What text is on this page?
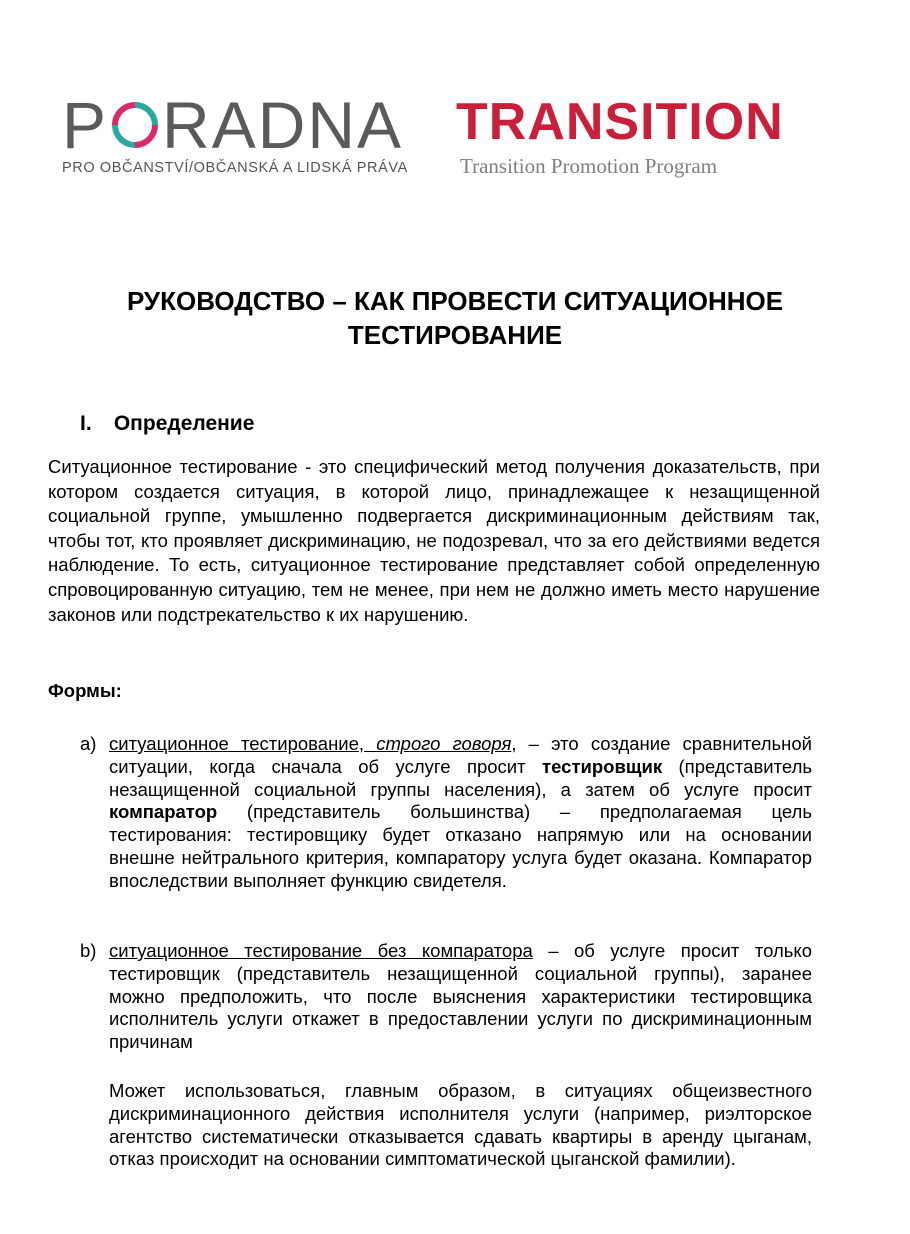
P RADNA
PRO OBČANSTVÍ/OBČANSKÁ A LIDSKÁ PRÁVA
TRANSITION
Transition Promotion Program
РУКОВОДСТВО – КАК ПРОВЕСТИ СИТУАЦИОННОЕ
ТЕСТИРОВАНИЕ
I. Определение
Ситуационное тестирование - это специфический метод получения доказательств, при котором создается ситуация, в которой лицо, принадлежащее к незащищенной социальной группе, умышленно подвергается дискриминационным действиям так, чтобы тот, кто проявляет дискриминацию, не подозревал, что за его действиями ведется наблюдение. То есть, ситуационное тестирование представляет собой определенную спровоцированную ситуацию, тем не менее, при нем не должно иметь место нарушение законов или подстрекательство к их нарушению.
Формы:
a) ситуационное тестирование, строго говоря, – это создание сравнительной ситуации, когда сначала об услуге просит тестировщик (представитель незащищенной социальной группы населения), а затем об услуге просит компаратор (представитель большинства) – предполагаемая цель тестирования: тестировщику будет отказано напрямую или на основании внешне нейтрального критерия, компаратору услуга будет оказана. Компаратор впоследствии выполняет функцию свидетеля.
b) ситуационное тестирование без компаратора – об услуге просит только тестировщик (представитель незащищенной социальной группы), заранее можно предположить, что после выяснения характеристики тестировщика исполнитель услуги откажет в предоставлении услуги по дискриминационным причинам
Может использоваться, главным образом, в ситуациях общеизвестного дискриминационного действия исполнителя услуги (например, риэлторское агентство систематически отказывается сдавать квартиры в аренду цыганам, отказ происходит на основании симптоматической цыганской фамилии).
